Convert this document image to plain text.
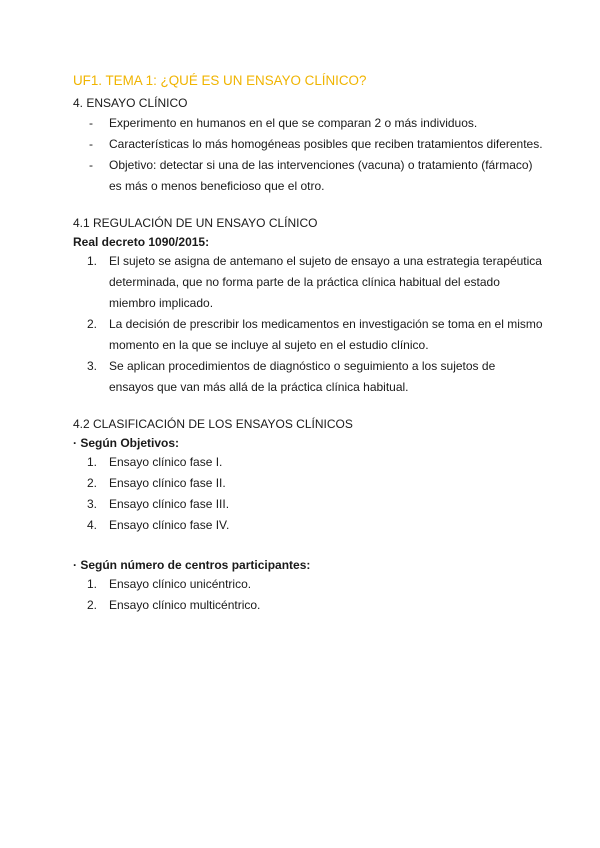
UF1. TEMA 1: ¿QUÉ ES UN ENSAYO CLÍNICO?
4. ENSAYO CLÍNICO
-	Experimento en humanos en el que se comparan 2 o más individuos.
-	Características lo más homogéneas posibles que reciben tratamientos diferentes.
-	Objetivo: detectar si una de las intervenciones (vacuna) o tratamiento (fármaco) es más o menos beneficioso que el otro.
4.1 REGULACIÓN DE UN ENSAYO CLÍNICO

Real decreto 1090/2015:

1. El sujeto se asigna de antemano el sujeto de ensayo a una estrategia terapéutica determinada, que no forma parte de la práctica clínica habitual del estado miembro implicado.
2. La decisión de prescribir los medicamentos en investigación se toma en el mismo momento en la que se incluye al sujeto en el estudio clínico.
3. Se aplican procedimientos de diagnóstico o seguimiento a los sujetos de ensayos que van más allá de la práctica clínica habitual.
4.2 CLASIFICACIÓN DE LOS ENSAYOS CLÍNICOS

· Según Objetivos:

1. Ensayo clínico fase I.
2. Ensayo clínico fase II.
3. Ensayo clínico fase III.
4. Ensayo clínico fase IV.

· Según número de centros participantes:

1. Ensayo clínico unicéntrico.
2. Ensayo clínico multicéntrico.
